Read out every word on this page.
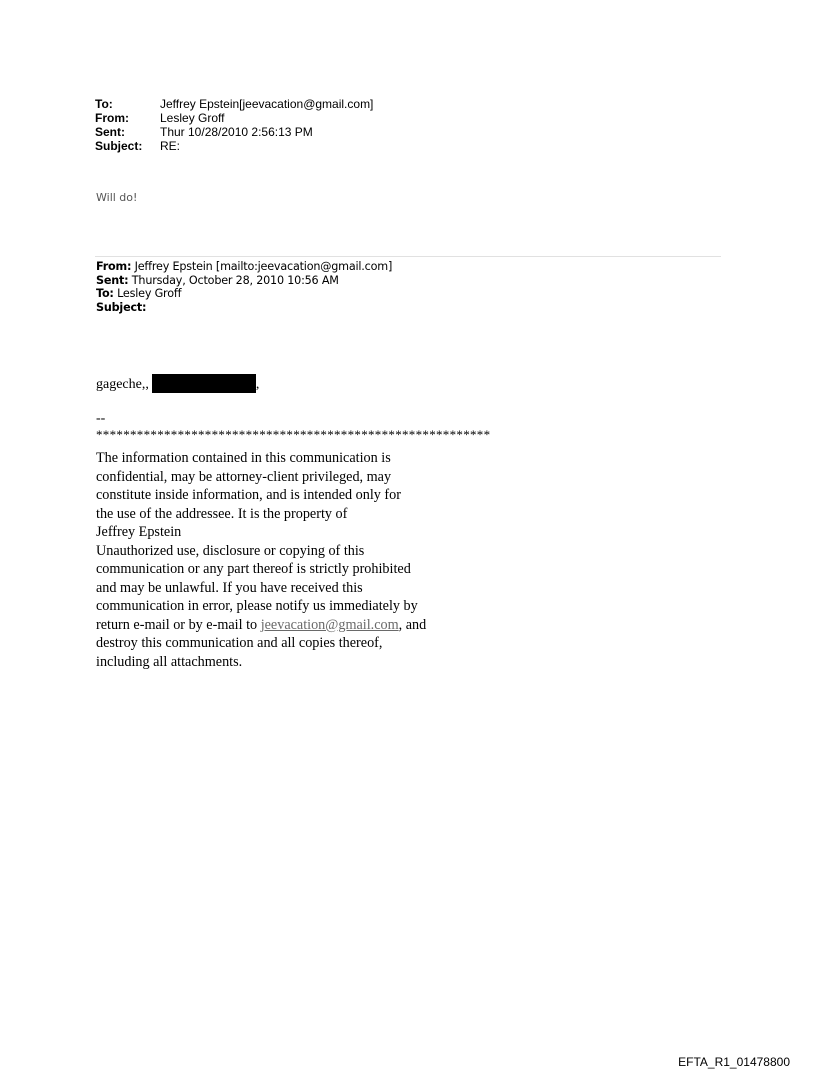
To:	Jeffrey Epstein[jeevacation@gmail.com]
From:	Lesley Groff
Sent:	Thur 10/28/2010 2:56:13 PM
Subject:	RE:
Will do!
From: Jeffrey Epstein [mailto:jeevacation@gmail.com]
Sent: Thursday, October 28, 2010 10:56 AM
To: Lesley Groff
Subject:
gageche,,	,
--
**********************************************************
The information contained in this communication is
confidential, may be attorney-client privileged, may
constitute inside information, and is intended only for
the use of the addressee. It is the property of
Jeffrey Epstein
Unauthorized use, disclosure or copying of this
communication or any part thereof is strictly prohibited
and may be unlawful. If you have received this
communication in error, please notify us immediately by
return e-mail or by e-mail to jeevacation@gmail.com, and
destroy this communication and all copies thereof,
including all attachments.
EFTA_R1_01478800
